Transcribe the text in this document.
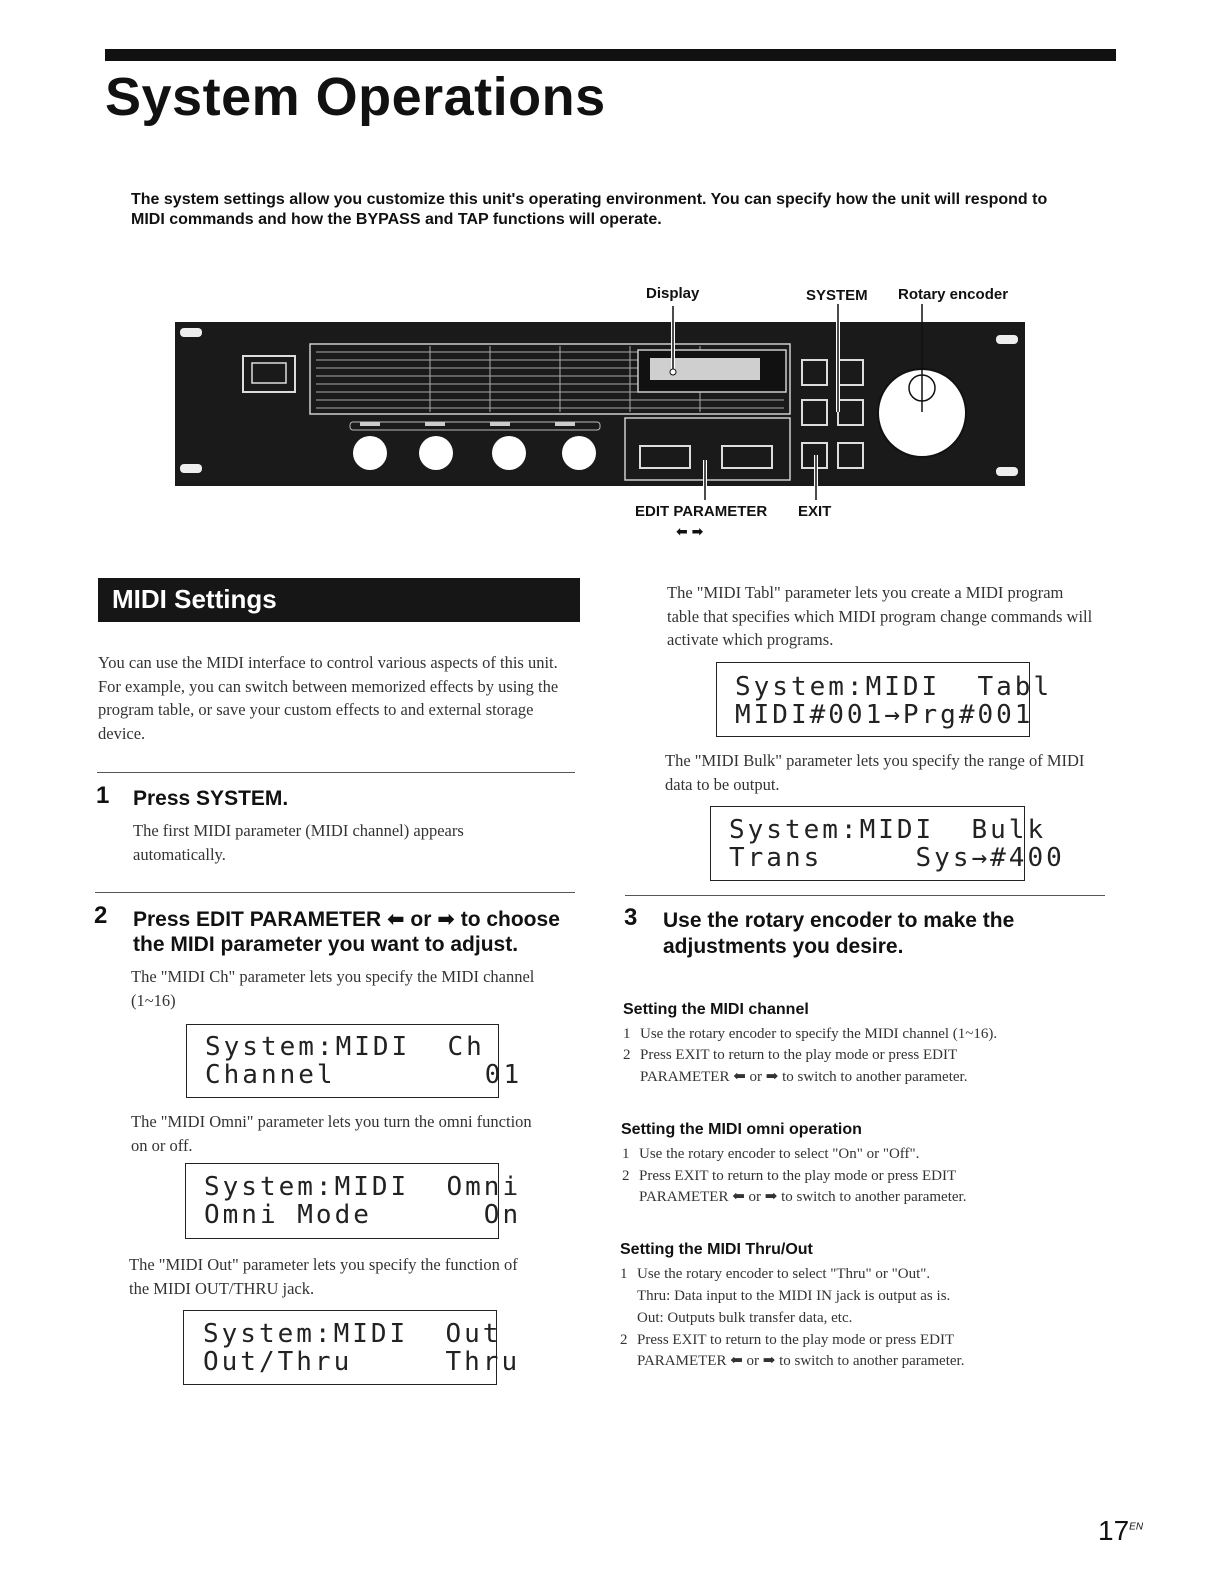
System Operations
The system settings allow you customize this unit's operating environment. You can specify how the unit will respond to MIDI commands and how the BYPASS and TAP functions will operate.
Display	SYSTEM Rotary encoder
EDIT PARAMETER
⬅ ➡
EXIT
MIDI Settings
You can use the MIDI interface to control various aspects of this unit. For example, you can switch between memorized effects by using the program table, or save your custom effects to and external storage device.
1 Press SYSTEM.
The first MIDI parameter (MIDI channel) appears automatically.
2 Press EDIT PARAMETER ⬅ or ➡ to choose
the MIDI parameter you want to adjust.
The "MIDI Ch" parameter lets you specify the MIDI channel (1~16)
System:MIDI  Ch
Channel        01
The "MIDI Omni" parameter lets you turn the omni function on or off.
System:MIDI  Omni
Omni Mode      On
The "MIDI Out" parameter lets you specify the function of the MIDI OUT/THRU jack.
System:MIDI  Out
Out/Thru     Thru
The "MIDI Tabl" parameter lets you create a MIDI program table that specifies which MIDI program change commands will activate which programs.
System:MIDI  Tabl
MIDI#001→Prg#001
The "MIDI Bulk" parameter lets you specify the range of MIDI data to be output.
System:MIDI  Bulk
Trans     Sys→#400
3 Use the rotary encoder to make the
adjustments you desire.
Setting the MIDI channel
1 Use the rotary encoder to specify the MIDI channel (1~16).
2 Press EXIT to return to the play mode or press EDIT
PARAMETER ⬅ or ➡ to switch to another parameter.
Setting the MIDI omni operation
1 Use the rotary encoder to select "On" or "Off".
2 Press EXIT to return to the play mode or press EDIT
PARAMETER ⬅ or ➡ to switch to another parameter.
Setting the MIDI Thru/Out
1 Use the rotary encoder to select "Thru" or "Out".
Thru: Data input to the MIDI IN jack is output as is.
Out: Outputs bulk transfer data, etc.
2 Press EXIT to return to the play mode or press EDIT
PARAMETER ⬅ or ➡ to switch to another parameter.
$17^{EN}$
